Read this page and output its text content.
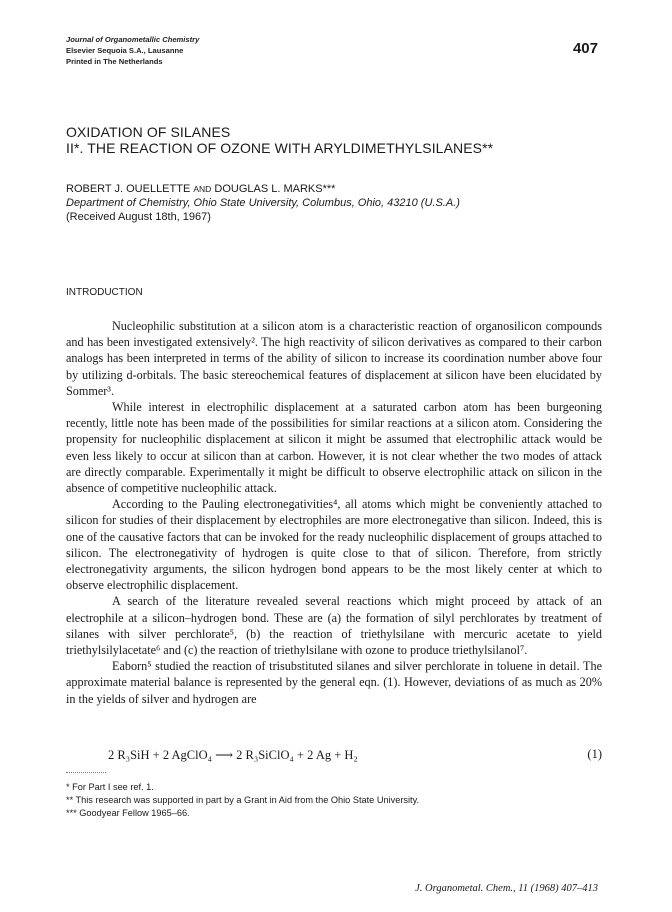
Journal of Organometallic Chemistry
Elsevier Sequoia S.A., Lausanne
Printed in The Netherlands
407
OXIDATION OF SILANES
II*. THE REACTION OF OZONE WITH ARYLDIMETHYLSILANES**
ROBERT J. OUELLETTE AND DOUGLAS L. MARKS***
Department of Chemistry, Ohio State University, Columbus, Ohio, 43210 (U.S.A.)
(Received August 18th, 1967)
INTRODUCTION

Nucleophilic substitution at a silicon atom is a characteristic reaction of organosilicon compounds and has been investigated extensively². The high reactivity of silicon derivatives as compared to their carbon analogs has been interpreted in terms of the ability of silicon to increase its coordination number above four by utilizing d-orbitals. The basic stereochemical features of displacement at silicon have been elucidated by Sommer³.

While interest in electrophilic displacement at a saturated carbon atom has been burgeoning recently, little note has been made of the possibilities for similar reactions at a silicon atom. Considering the propensity for nucleophilic displacement at silicon it might be assumed that electrophilic attack would be even less likely to occur at silicon than at carbon. However, it is not clear whether the two modes of attack are directly comparable. Experimentally it might be difficult to observe electrophilic attack on silicon in the absence of competitive nucleophilic attack.

According to the Pauling electronegativities⁴, all atoms which might be conveniently attached to silicon for studies of their displacement by electrophiles are more electronegative than silicon. Indeed, this is one of the causative factors that can be invoked for the ready nucleophilic displacement of groups attached to silicon. The electronegativity of hydrogen is quite close to that of silicon. Therefore, from strictly electronegativity arguments, the silicon hydrogen bond appears to be the most likely center at which to observe electrophilic displacement.

A search of the literature revealed several reactions which might proceed by attack of an electrophile at a silicon–hydrogen bond. These are (a) the formation of silyl perchlorates by treatment of silanes with silver perchlorate⁵, (b) the reaction of triethylsilane with mercuric acetate to yield triethylsilylacetate⁶ and (c) the reaction of triethylsilane with ozone to produce triethylsilanol⁷.

Eaborn⁵ studied the reaction of trisubstituted silanes and silver perchlorate in toluene in detail. The approximate material balance is represented by the general eqn. (1). However, deviations of as much as 20% in the yields of silver and hydrogen are

2 R₃SiH + 2 AgClO₄ ⟶ 2 R₃SiClO₄ + 2 Ag + H₂	(1)
* For Part I see ref. 1.
** This research was supported in part by a Grant in Aid from the Ohio State University.
*** Goodyear Fellow 1965–66.
J. Organometal. Chem., 11 (1968) 407–413
